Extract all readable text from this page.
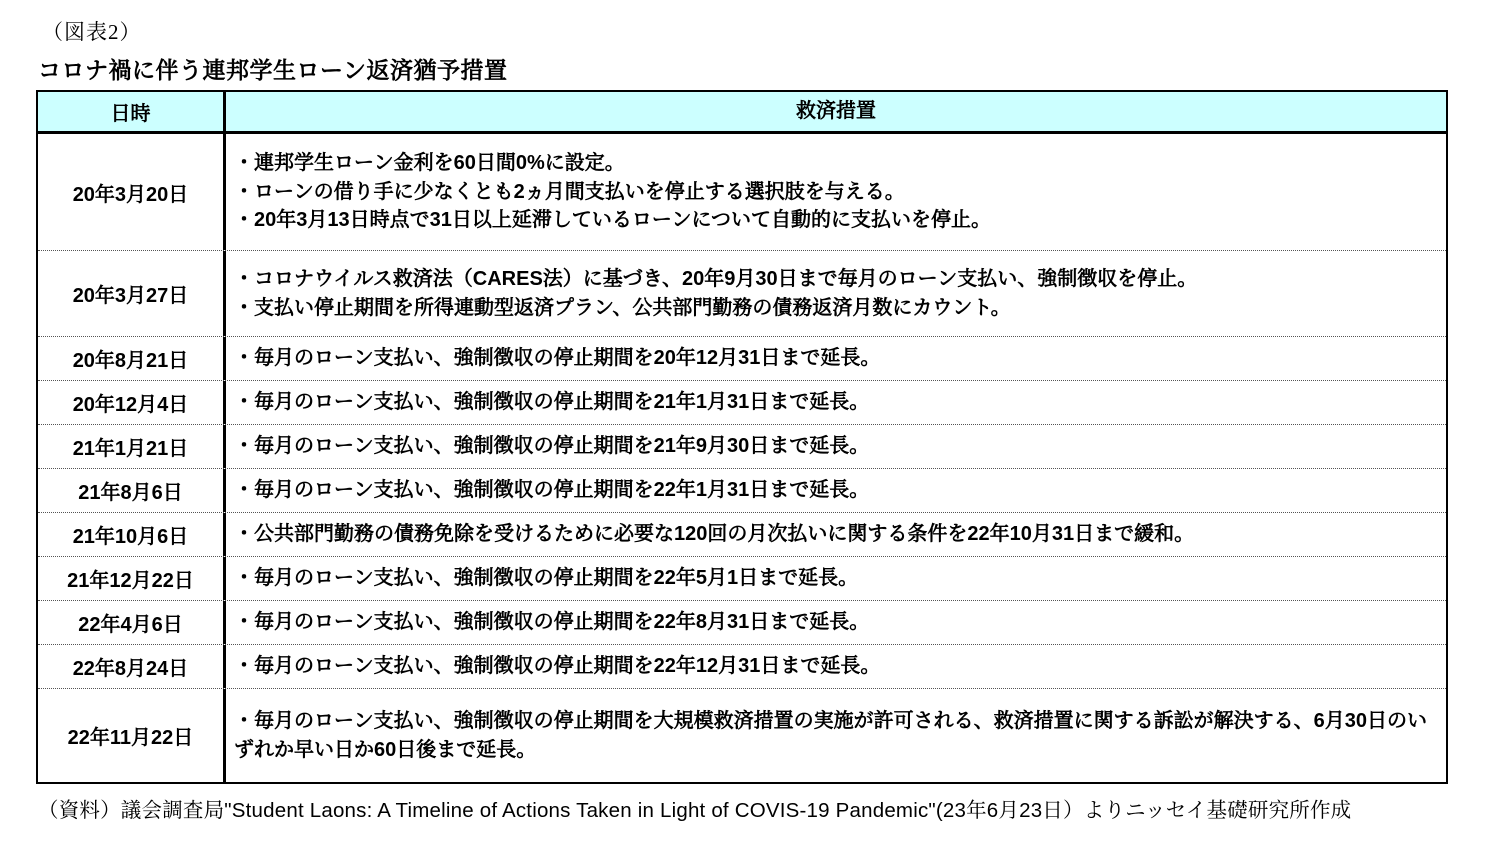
（図表2）
コロナ禍に伴う連邦学生ローン返済猶予措置
日時	救済措置
20年3月20日
・連邦学生ローン金利を60日間0%に設定。
・ローンの借り手に少なくとも2ヵ月間支払いを停止する選択肢を与える。
・20年3月13日時点で31日以上延滞しているローンについて自動的に支払いを停止。
20年3月27日
・コロナウイルス救済法（CARES法）に基づき、20年9月30日まで毎月のローン支払い、強制徴収を停止。
・支払い停止期間を所得連動型返済プラン、公共部門勤務の債務返済月数にカウント。
20年8月21日	・毎月のローン支払い、強制徴収の停止期間を20年12月31日まで延長。
20年12月4日	・毎月のローン支払い、強制徴収の停止期間を21年1月31日まで延長。
21年1月21日	・毎月のローン支払い、強制徴収の停止期間を21年9月30日まで延長。
21年8月6日	・毎月のローン支払い、強制徴収の停止期間を22年1月31日まで延長。
21年10月6日	・公共部門勤務の債務免除を受けるために必要な120回の月次払いに関する条件を22年10月31日まで緩和。
21年12月22日	・毎月のローン支払い、強制徴収の停止期間を22年5月1日まで延長。
22年4月6日	・毎月のローン支払い、強制徴収の停止期間を22年8月31日まで延長。
22年8月24日	・毎月のローン支払い、強制徴収の停止期間を22年12月31日まで延長。
22年11月22日
・毎月のローン支払い、強制徴収の停止期間を大規模救済措置の実施が許可される、救済措置に関する訴訟が解決する、6月30日のいずれか早い日か60日後まで延長。
（資料）議会調査局"Student Laons: A Timeline of Actions Taken in Light of COVIS-19 Pandemic"(23年6月23日）よりニッセイ基礎研究所作成
